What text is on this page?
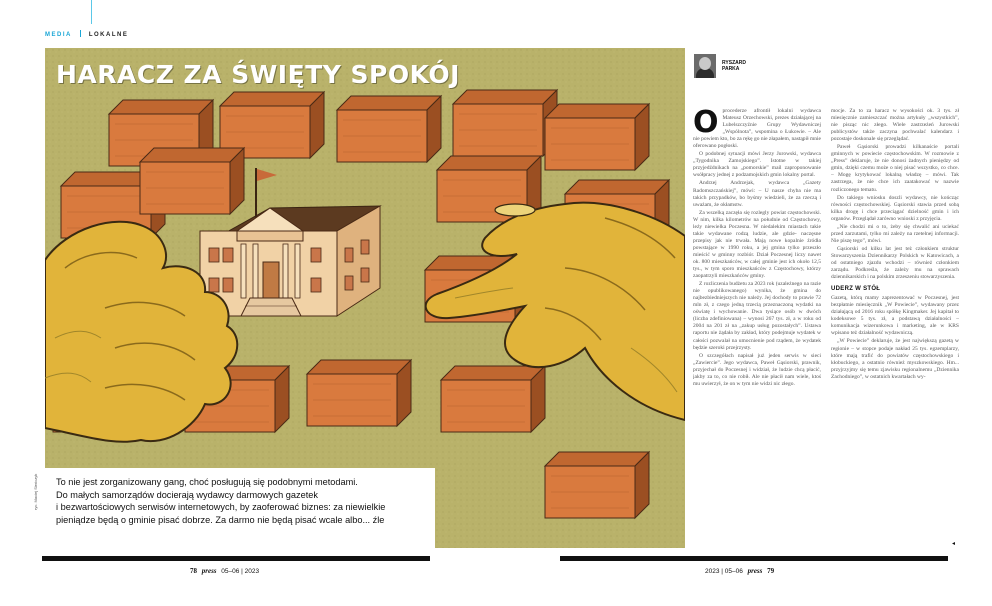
MEDIA	LOKALNE
HARACZ ZA ŚWIĘTY SPOKÓJ

To nie jest zorganizowany gang, choć posługują się podobnymi metodami.

Do małych samorządów docierają wydawcy darmowych gazetek

i bezwartościowych serwisów internetowych, by zaoferować biznes: za niewielkie

pieniądze będą o gminie pisać dobrze. Za darmo nie będą pisać wcale albo... źle

ryc. Maciej Sieńczyk
RYSZARD
PARKA
O procederze afrontił lokalni wydawca Mateusz Orzechowski, prezes działającej na Lubelszczyźnie Grupy Wydawniczej „Wspólnota”, wspomina o Łukowie. – Ale nie powiem kto, bo za rękę go nie złapałem, nastąpił mnie oferowano pogłoski.

O podobnej sytuacji mówi Jerzy Jurowski, wydawca „Tygodnika Zamojskiego”. Istotne w takiej przyjedźdnikach na „pomorskie” mail zaproponowanie wsółpracy jednej z podzamojskich gmin lokalny portal.

Andrzej Andrzejak, wydawca „Gazety Radomszczańskiej”, mówi: – U nasze chyba nie ma takich przypadków, bo byśmy wiedzieli, że za rzeczą i uważam, że okłamstw.

Za wszelką zaczęła się rozlegly powiat częstochowski. W nim, kilka kilometrów na południe od Częstochowy, leży niewielka Poczesna. W niedalekim miastach takie takie wydawane rodzą ludzie, ale gdzie- naczęsne przepisy jak nie trwała. Mają nowe kopalnie źródła powstające w 1990 roku, a jej gmina tylko przeszło mieścić w gminny rozbiór. Dział Poczesnej liczy nawet ok. 800 mieszkańców, w całej gminie jest ich około 12,5 tys., w tym sporo mieszkańców z Częstochowy, którzy zaopatrzyli mieszkańców gminy.

Z rozliczenia budżetu za 2023 rok (uzależnego na razie nie opublikowanego) wynika, że gmina do najbezbiedniejszych nie należy. Jej dochody to prawie 72 mln zł, z czego jedną trzecią przeznaczoną wydatki na oświatę i wychowanie. Dwa tysiące osób w dwóch (liczba zdefiniowana) – wynosi 267 tys. zł, a w roku od 2004 na 201 zł na „zakup usług pozostałych”. Ustawa raportu nie żądała by zakład, który podejmuje wydatek w całości pozwalał na umocnienie pod rządem, że wydatek będzie szeroki przejrzysty.

O szczegółach napisał już jeden serwis w sieci „Zawiercie”. Jego wydawca, Paweł Gąsiorski, prawnik, przyjechał do Poczesnej i widział, że ludzie chcą płacić, jakby za to, co nie robił. Ale nie płacił nam wiele, ktoś mu uwierzył, że on w tym nie widzi nic złego.

mocje. Za to za haracz w wysokości ok. 3 tys. zł miesięcznie zamieszczać można artykuły „wszystkich”, nie pisząc nic złego. Wiele zastrzeżeń Jurowski publicystów także zaczyna pochwalać kalendarz i pozostaje doskonale się przeglądać.

Paweł Gąsiorski prowadzi kilkanaście portali gminnych w powiecie częstochowskim. W rozmowie z „Press” deklaruje, że nie donosi żadnych pieniędzy od gmin, dzięki czemu może o niej pisać wszystko, co chce. – Mogę krytykować lokalną władzę – mówi. Tak zastrzega, że nie chce ich zaatakować w nazwie rozliczonego tematu.

Do takiego wniosku doszli wydawcy, nie kończąc równości częstochowskiej. Gąsiorski stawia przed sobą kilka drogę i chce przeciągać dzielność gmin i ich organów. Przeglądał zarówno wnioski z przyjęcia.

„Nie chodzi mi o to, żeby się chwalić ani uciekać przed zarzutami, tylko mi zależy na rzetelnej informacji. Nie piszę tego”, mówi.

Gąsiorski od kilku lat jest też członkiem struktur Stowarzyszenia Dziennikarzy Polskich w Katowicach, a od ostatniego zjazdu wchodzi – również członkiem zarządu. Podkreśla, że zależy mu na sprawach dziennikarskich i na polskim zrzeszeniu stowarzyszenia.

UDERZ W STÓŁ

Gazetą, którą mamy zaprezentować w Poczesnej, jest bezpłatnie miesięcznik „W Powiecie”, wydawany przez działającą od 2016 roku spółkę Kingmaker. Jej kapitał to kodeksowe 5 tys. zł, a podstawą działalności – komunikacja wizerunkowa i marketing, ale w KRS wpisano też działalność wydawniczą.

„W Powiecie” deklaruje, że jest największą gazetą w regionie – w stopce podaje nakład 25 tys. egzemplarzy, które mają trafić do powiatów częstochowskiego i kłobuckiego, a ostatnio również myszkowskiego. Hm... przyjrzyjmy się temu zjawisku regionalnemu „Dziennika Zachodniego”, w ostatnich kwartałach wy-

◂
78 press 05–06 | 2023	2023 | 05–06 press 79
